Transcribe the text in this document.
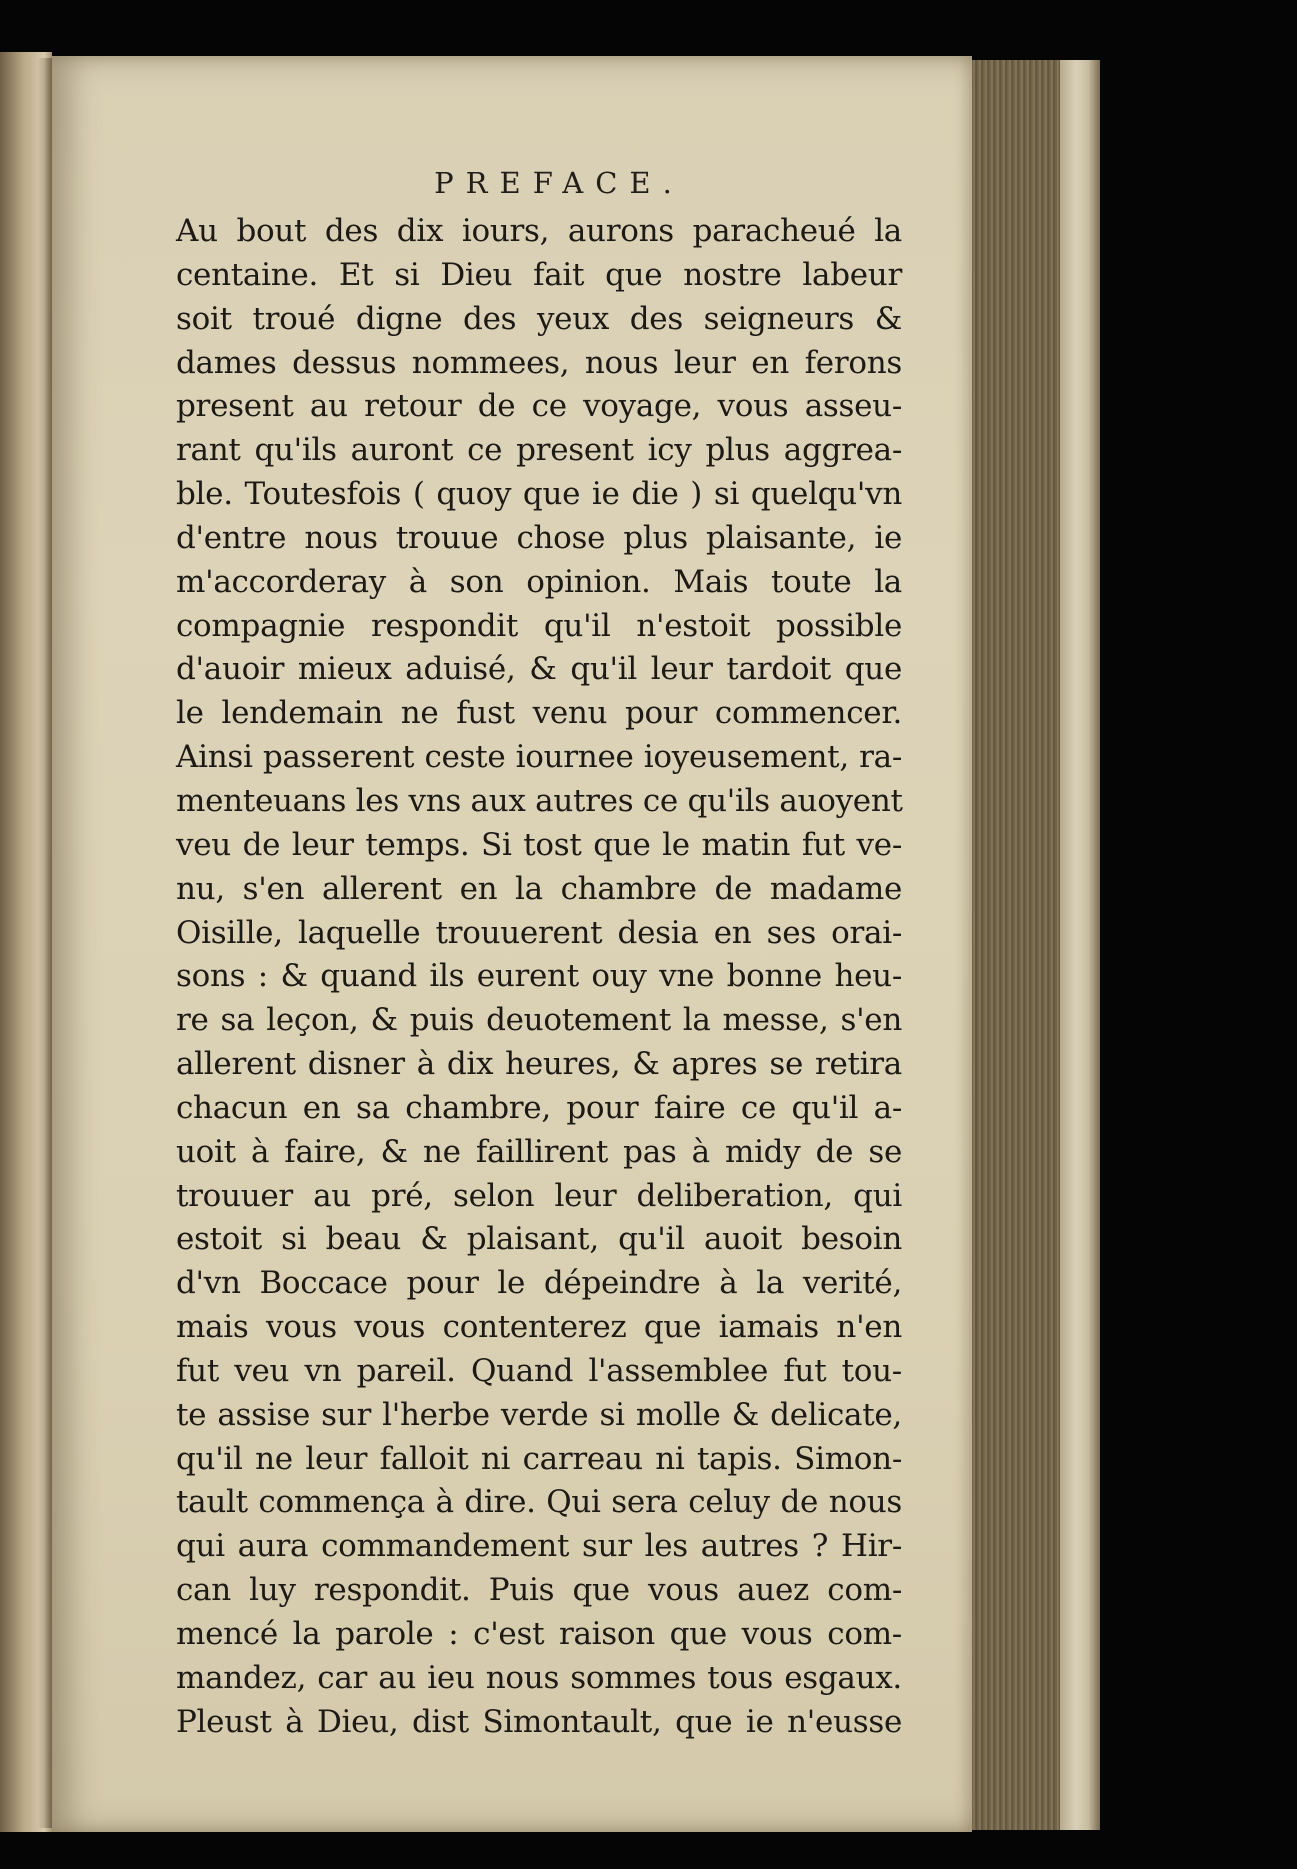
PREFACE.
Au bout des dix iours, aurons paracheué la
centaine. Et si Dieu fait que nostre labeur
soit troué digne des yeux des seigneurs &
dames dessus nommees, nous leur en ferons
present au retour de ce voyage, vous asseu-
rant qu'ils auront ce present icy plus aggrea-
ble. Toutesfois ( quoy que ie die ) si quelqu'vn
d'entre nous trouue chose plus plaisante, ie
m'accorderay à son opinion. Mais toute la
compagnie respondit qu'il n'estoit possible
d'auoir mieux aduisé, & qu'il leur tardoit que
le lendemain ne fust venu pour commencer.
Ainsi passerent ceste iournee ioyeusement, ra-
menteuans les vns aux autres ce qu'ils auoyent
veu de leur temps. Si tost que le matin fut ve-
nu, s'en allerent en la chambre de madame
Oisille, laquelle trouuerent desia en ses orai-
sons : & quand ils eurent ouy vne bonne heu-
re sa leçon, & puis deuotement la messe, s'en
allerent disner à dix heures, & apres se retira
chacun en sa chambre, pour faire ce qu'il a-
uoit à faire, & ne faillirent pas à midy de se
trouuer au pré, selon leur deliberation, qui
estoit si beau & plaisant, qu'il auoit besoin
d'vn Boccace pour le dépeindre à la verité,
mais vous vous contenterez que iamais n'en
fut veu vn pareil. Quand l'assemblee fut tou-
te assise sur l'herbe verde si molle & delicate,
qu'il ne leur falloit ni carreau ni tapis. Simon-
tault commença à dire. Qui sera celuy de nous
qui aura commandement sur les autres ? Hir-
can luy respondit. Puis que vous auez com-
mencé la parole : c'est raison que vous com-
mandez, car au ieu nous sommes tous esgaux.
Pleust à Dieu, dist Simontault, que ie n'eusse
